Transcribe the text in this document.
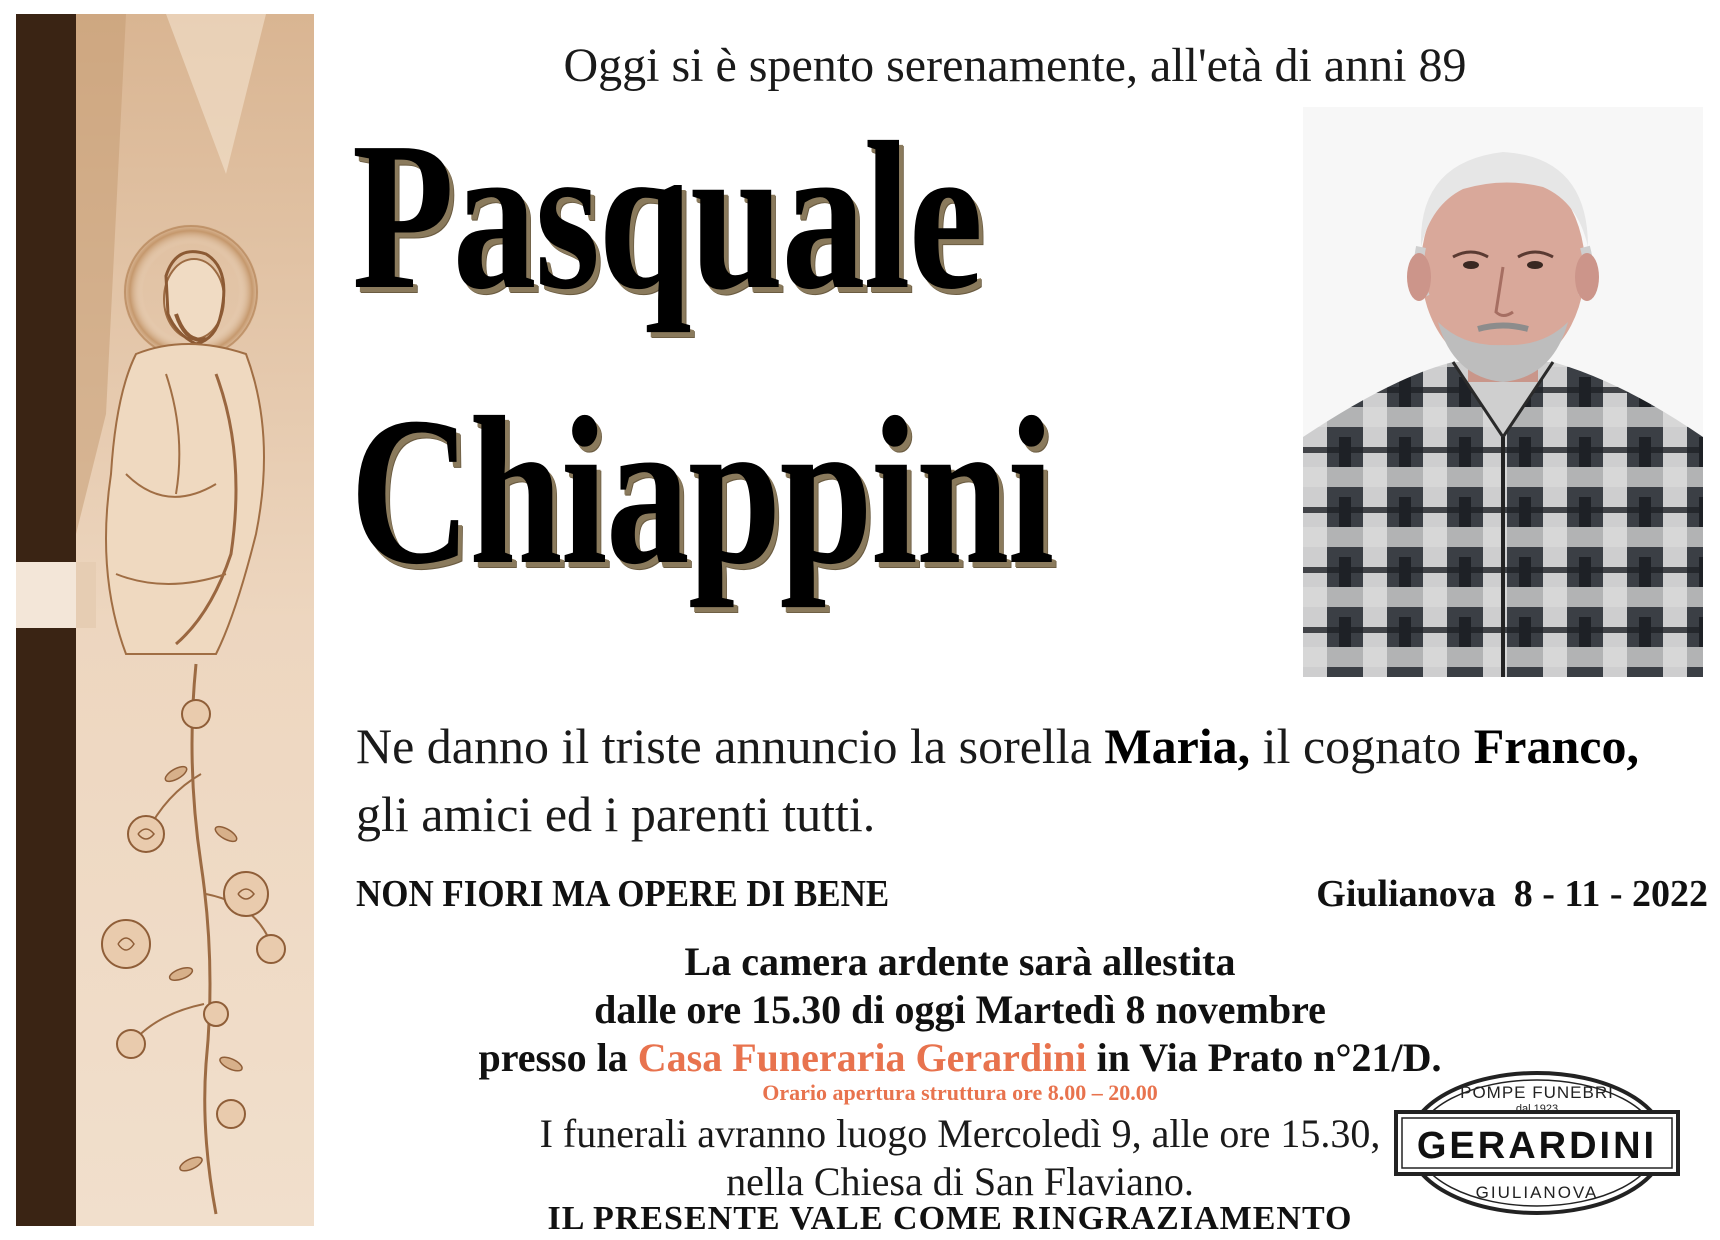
Oggi si è spento serenamente, all'età di anni 89
Pasquale
Chiappini
Ne danno il triste annuncio la sorella Maria, il cognato Franco,
gli amici ed i parenti tutti.
NON FIORI MA OPERE DI BENE	Giulianova 8 - 11 - 2022
La camera ardente sarà allestita
dalle ore 15.30 di oggi Martedì 8 novembre
presso la Casa Funeraria Gerardini in Via Prato n°21/D.
Orario apertura struttura ore 8.00 – 20.00
I funerali avranno luogo Mercoledì 9, alle ore 15.30,
nella Chiesa di San Flaviano.
IL PRESENTE VALE COME RINGRAZIAMENTO
POMPE FUNEBRI
dal 1923
GERARDINI
GIULIANOVA
